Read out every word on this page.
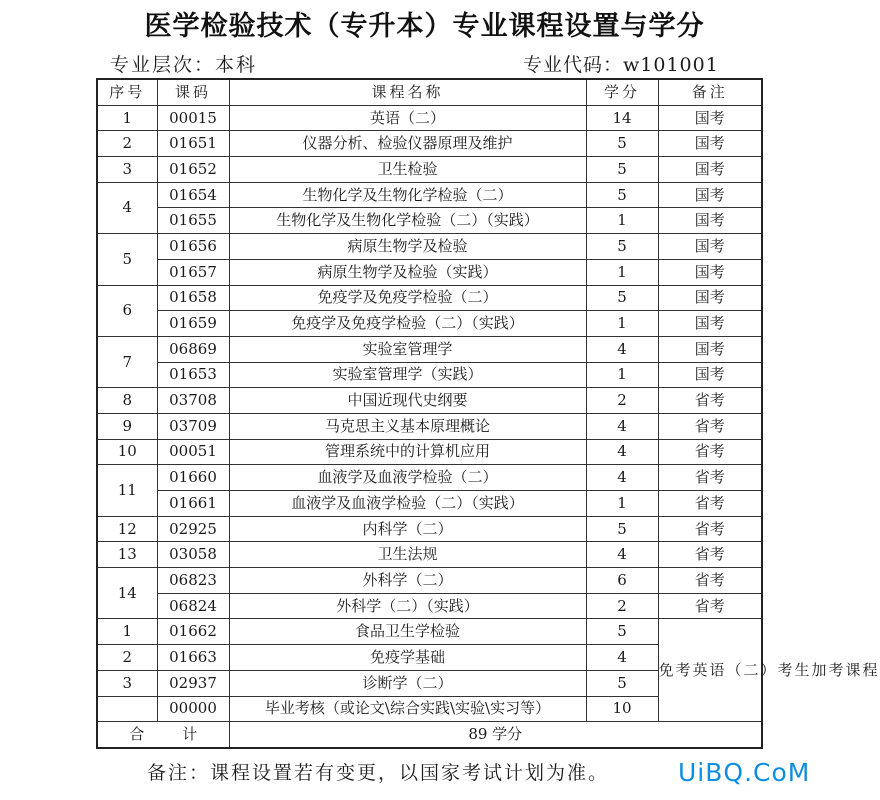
医学检验技术（专升本）专业课程设置与学分
专业层次：本科	专业代码：w101001
序号	课码	课程名称	学分	备注
1	00015	英语（二）	14	国考
2	01651	仪器分析、检验仪器原理及维护	5	国考
3	01652	卫生检验	5	国考
4	01654	生物化学及生物化学检验（二）	5	国考
	01655	生物化学及生物化学检验（二）（实践）	1	国考
5	01656	病原生物学及检验	5	国考
	01657	病原生物学及检验（实践）	1	国考
6	01658	免疫学及免疫学检验（二）	5	国考
	01659	免疫学及免疫学检验（二）（实践）	1	国考
7	06869	实验室管理学	4	国考
	01653	实验室管理学（实践）	1	国考
8	03708	中国近现代史纲要	2	省考
9	03709	马克思主义基本原理概论	4	省考
10	00051	管理系统中的计算机应用	4	省考
11	01660	血液学及血液学检验（二）	4	省考
	01661	血液学及血液学检验（二）（实践）	1	省考
12	02925	内科学（二）	5	省考
13	03058	卫生法规	4	省考
14	06823	外科学（二）	6	省考
	06824	外科学（二）（实践）	2	省考
1	01662	食品卫生学检验	5	免考英语（二）考生加考课程
2	01663	免疫学基础	4	
3	02937	诊断学（二）	5	
	00000	毕业考核（或论文\综合实践\实验\实习等）	10	
合 计		89 学分		
备注：课程设置若有变更，以国家考试计划为准。	UiBQ.CoM
